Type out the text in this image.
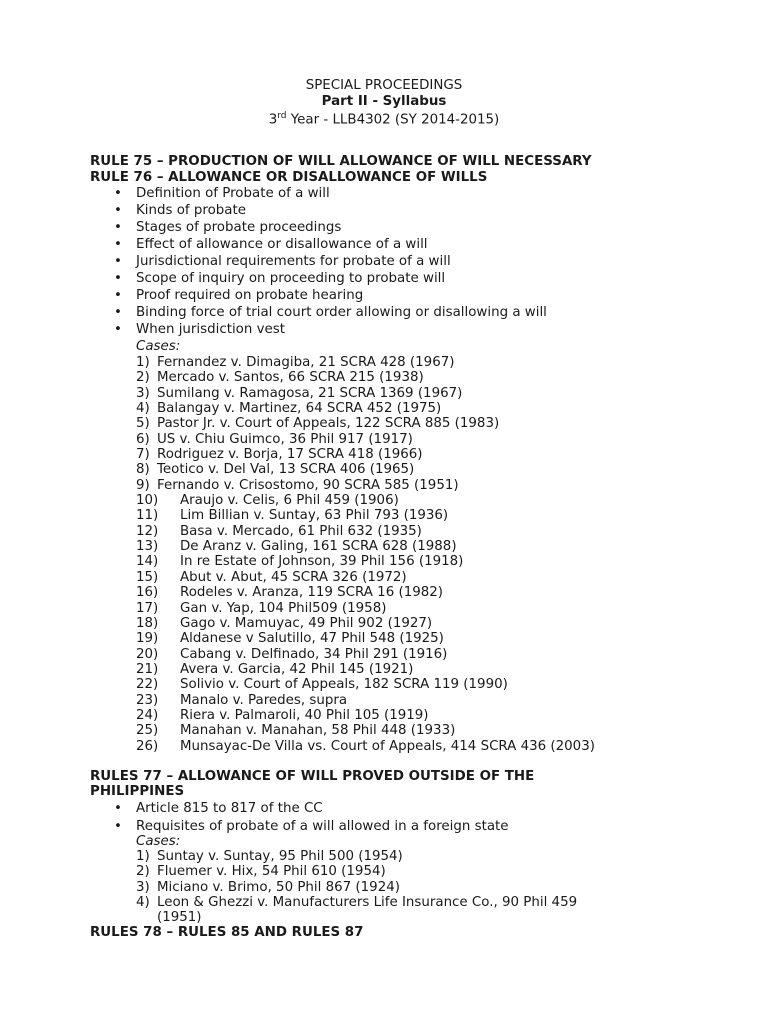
SPECIAL PROCEEDINGS
Part II - Syllabus
3rd Year - LLB4302 (SY 2014-2015)
RULE 75 – PRODUCTION OF WILL ALLOWANCE OF WILL NECESSARY
RULE 76 – ALLOWANCE OR DISALLOWANCE OF WILLS
• Definition of Probate of a will
• Kinds of probate
• Stages of probate proceedings
• Effect of allowance or disallowance of a will
• Jurisdictional requirements for probate of a will
• Scope of inquiry on proceeding to probate will
• Proof required on probate hearing
• Binding force of trial court order allowing or disallowing a will
• When jurisdiction vest
Cases:
1) Fernandez v. Dimagiba, 21 SCRA 428 (1967)
2) Mercado v. Santos, 66 SCRA 215 (1938)
3) Sumilang v. Ramagosa, 21 SCRA 1369 (1967)
4) Balangay v. Martinez, 64 SCRA 452 (1975)
5) Pastor Jr. v. Court of Appeals, 122 SCRA 885 (1983)
6) US v. Chiu Guimco, 36 Phil 917 (1917)
7) Rodriguez v. Borja, 17 SCRA 418 (1966)
8) Teotico v. Del Val, 13 SCRA 406 (1965)
9) Fernando v. Crisostomo, 90 SCRA 585 (1951)
10) Araujo v. Celis, 6 Phil 459 (1906)
11) Lim Billian v. Suntay, 63 Phil 793 (1936)
12) Basa v. Mercado, 61 Phil 632 (1935)
13) De Aranz v. Galing, 161 SCRA 628 (1988)
14) In re Estate of Johnson, 39 Phil 156 (1918)
15) Abut v. Abut, 45 SCRA 326 (1972)
16) Rodeles v. Aranza, 119 SCRA 16 (1982)
17) Gan v. Yap, 104 Phil509 (1958)
18) Gago v. Mamuyac, 49 Phil 902 (1927)
19) Aldanese v Salutillo, 47 Phil 548 (1925)
20) Cabang v. Delfinado, 34 Phil 291 (1916)
21) Avera v. Garcia, 42 Phil 145 (1921)
22) Solivio v. Court of Appeals, 182 SCRA 119 (1990)
23) Manalo v. Paredes, supra
24) Riera v. Palmaroli, 40 Phil 105 (1919)
25) Manahan v. Manahan, 58 Phil 448 (1933)
26) Munsayac-De Villa vs. Court of Appeals, 414 SCRA 436 (2003)
RULES 77 – ALLOWANCE OF WILL PROVED OUTSIDE OF THE
PHILIPPINES
• Article 815 to 817 of the CC
• Requisites of probate of a will allowed in a foreign state
Cases:
1) Suntay v. Suntay, 95 Phil 500 (1954)
2) Fluemer v. Hix, 54 Phil 610 (1954)
3) Miciano v. Brimo, 50 Phil 867 (1924)
4) Leon & Ghezzi v. Manufacturers Life Insurance Co., 90 Phil 459
(1951)
RULES 78 – RULES 85 AND RULES 87
